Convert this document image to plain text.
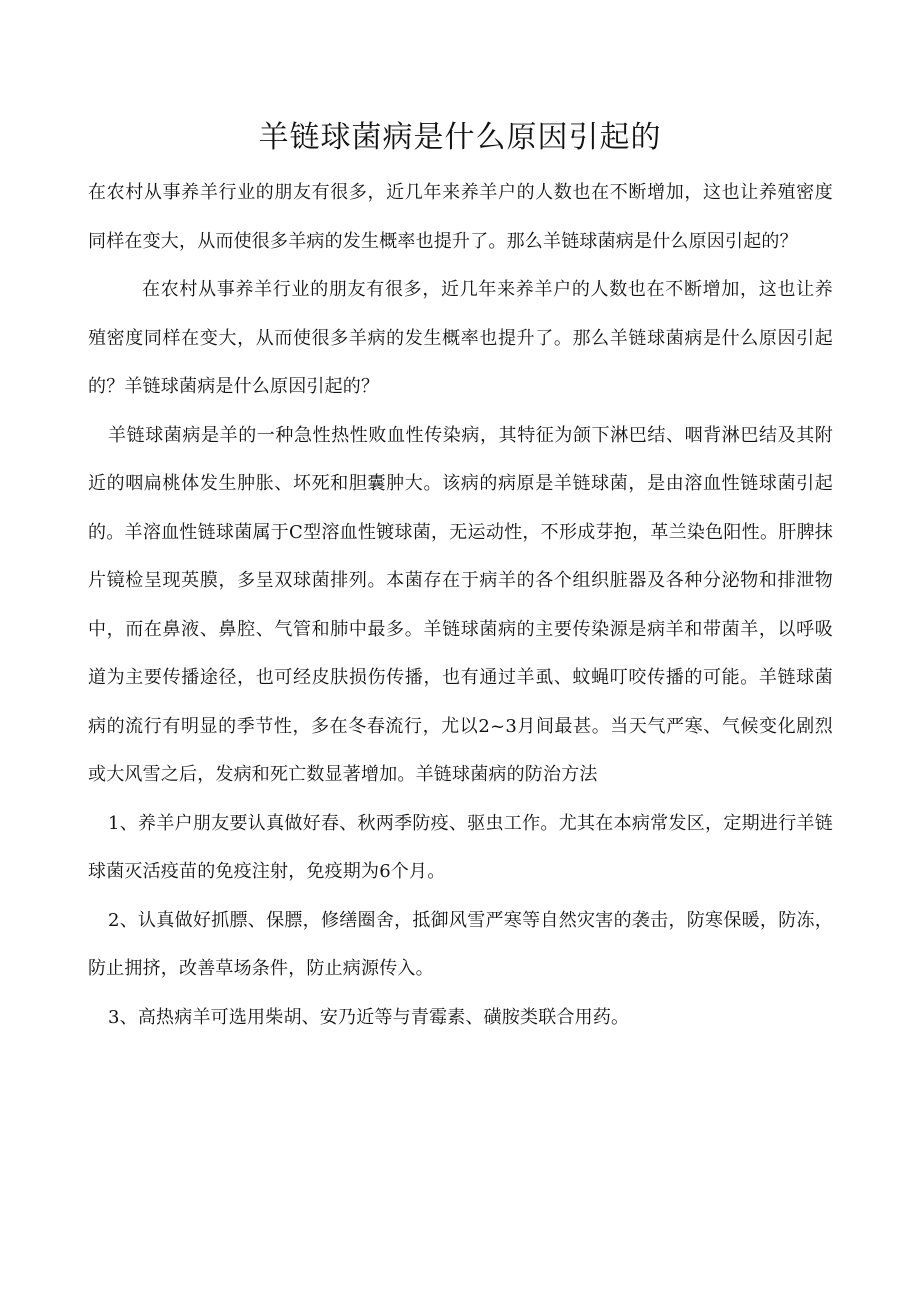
羊链球菌病是什么原因引起的

在农村从事养羊行业的朋友有很多，近几年来养羊户的人数也在不断增加，这也让养殖密度同样在变大，从而使很多羊病的发生概率也提升了。那么羊链球菌病是什么原因引起的？

在农村从事养羊行业的朋友有很多，近几年来养羊户的人数也在不断增加，这也让养殖密度同样在变大，从而使很多羊病的发生概率也提升了。那么羊链球菌病是什么原因引起的？羊链球菌病是什么原因引起的？

羊链球菌病是羊的一种急性热性败血性传染病，其特征为颌下淋巴结、咽背淋巴结及其附近的咽扁桃体发生肿胀、坏死和胆囊肿大。该病的病原是羊链球菌，是由溶血性链球菌引起的。羊溶血性链球菌属于C型溶血性镀球菌，无运动性，不形成芽抱，革兰染色阳性。肝脾抹片镜检呈现英膜，多呈双球菌排列。本菌存在于病羊的各个组织脏器及各种分泌物和排泄物中，而在鼻液、鼻腔、气管和肺中最多。羊链球菌病的主要传染源是病羊和带菌羊，以呼吸道为主要传播途径，也可经皮肤损伤传播，也有通过羊虱、蚊蝇叮咬传播的可能。羊链球菌病的流行有明显的季节性，多在冬春流行，尤以2~3月间最甚。当天气严寒、气候变化剧烈或大风雪之后，发病和死亡数显著增加。羊链球菌病的防治方法

1、养羊户朋友要认真做好春、秋两季防疫、驱虫工作。尤其在本病常发区，定期进行羊链球菌灭活疫苗的免疫注射，免疫期为6个月。

2、认真做好抓膘、保膘，修缮圈舍，抵御风雪严寒等自然灾害的袭击，防寒保暖，防冻，防止拥挤，改善草场条件，防止病源传入。

3、高热病羊可选用柴胡、安乃近等与青霉素、磺胺类联合用药。
